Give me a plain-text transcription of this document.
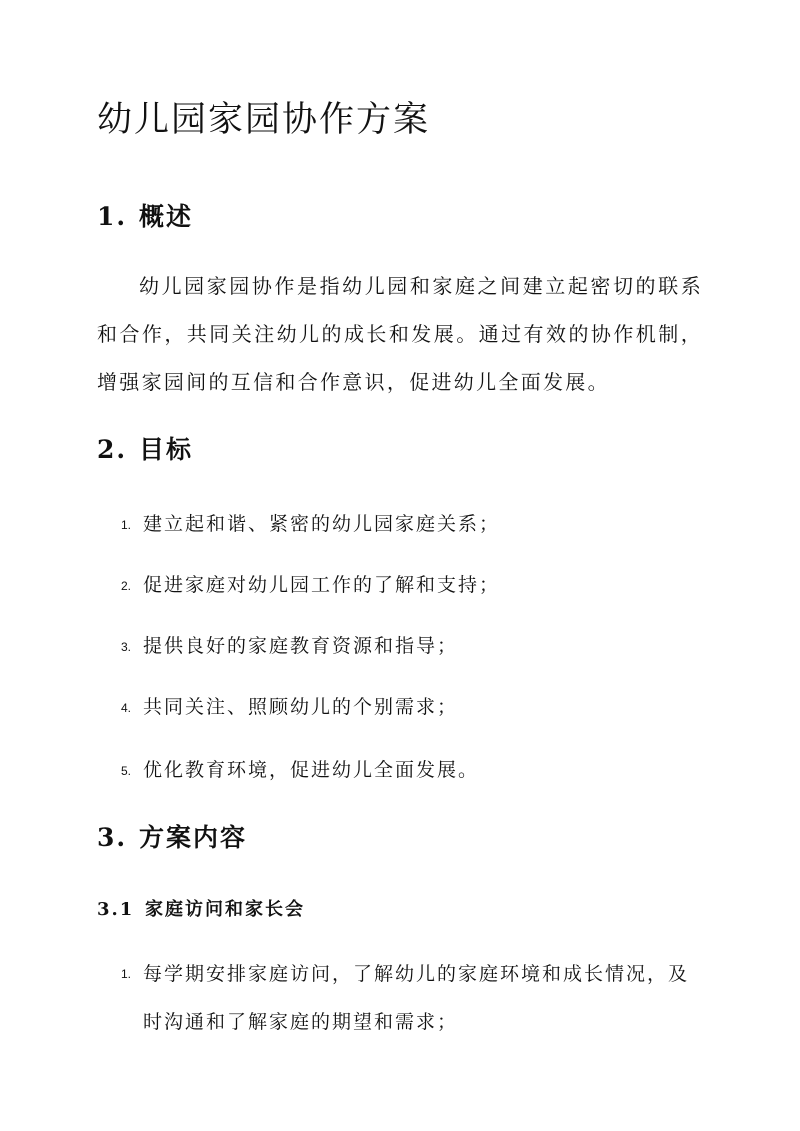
幼儿园家园协作方案
1. 概述

幼儿园家园协作是指幼儿园和家庭之间建立起密切的联系和合作，共同关注幼儿的成长和发展。通过有效的协作机制，增强家园间的互信和合作意识，促进幼儿全面发展。

2. 目标
1. 建立起和谐、紧密的幼儿园家庭关系；
2. 促进家庭对幼儿园工作的了解和支持；
3. 提供良好的家庭教育资源和指导；
4. 共同关注、照顾幼儿的个别需求；
5. 优化教育环境，促进幼儿全面发展。
3. 方案内容
3.1 家庭访问和家长会
1. 每学期安排家庭访问，了解幼儿的家庭环境和成长情况，及时沟通和了解家庭的期望和需求；
